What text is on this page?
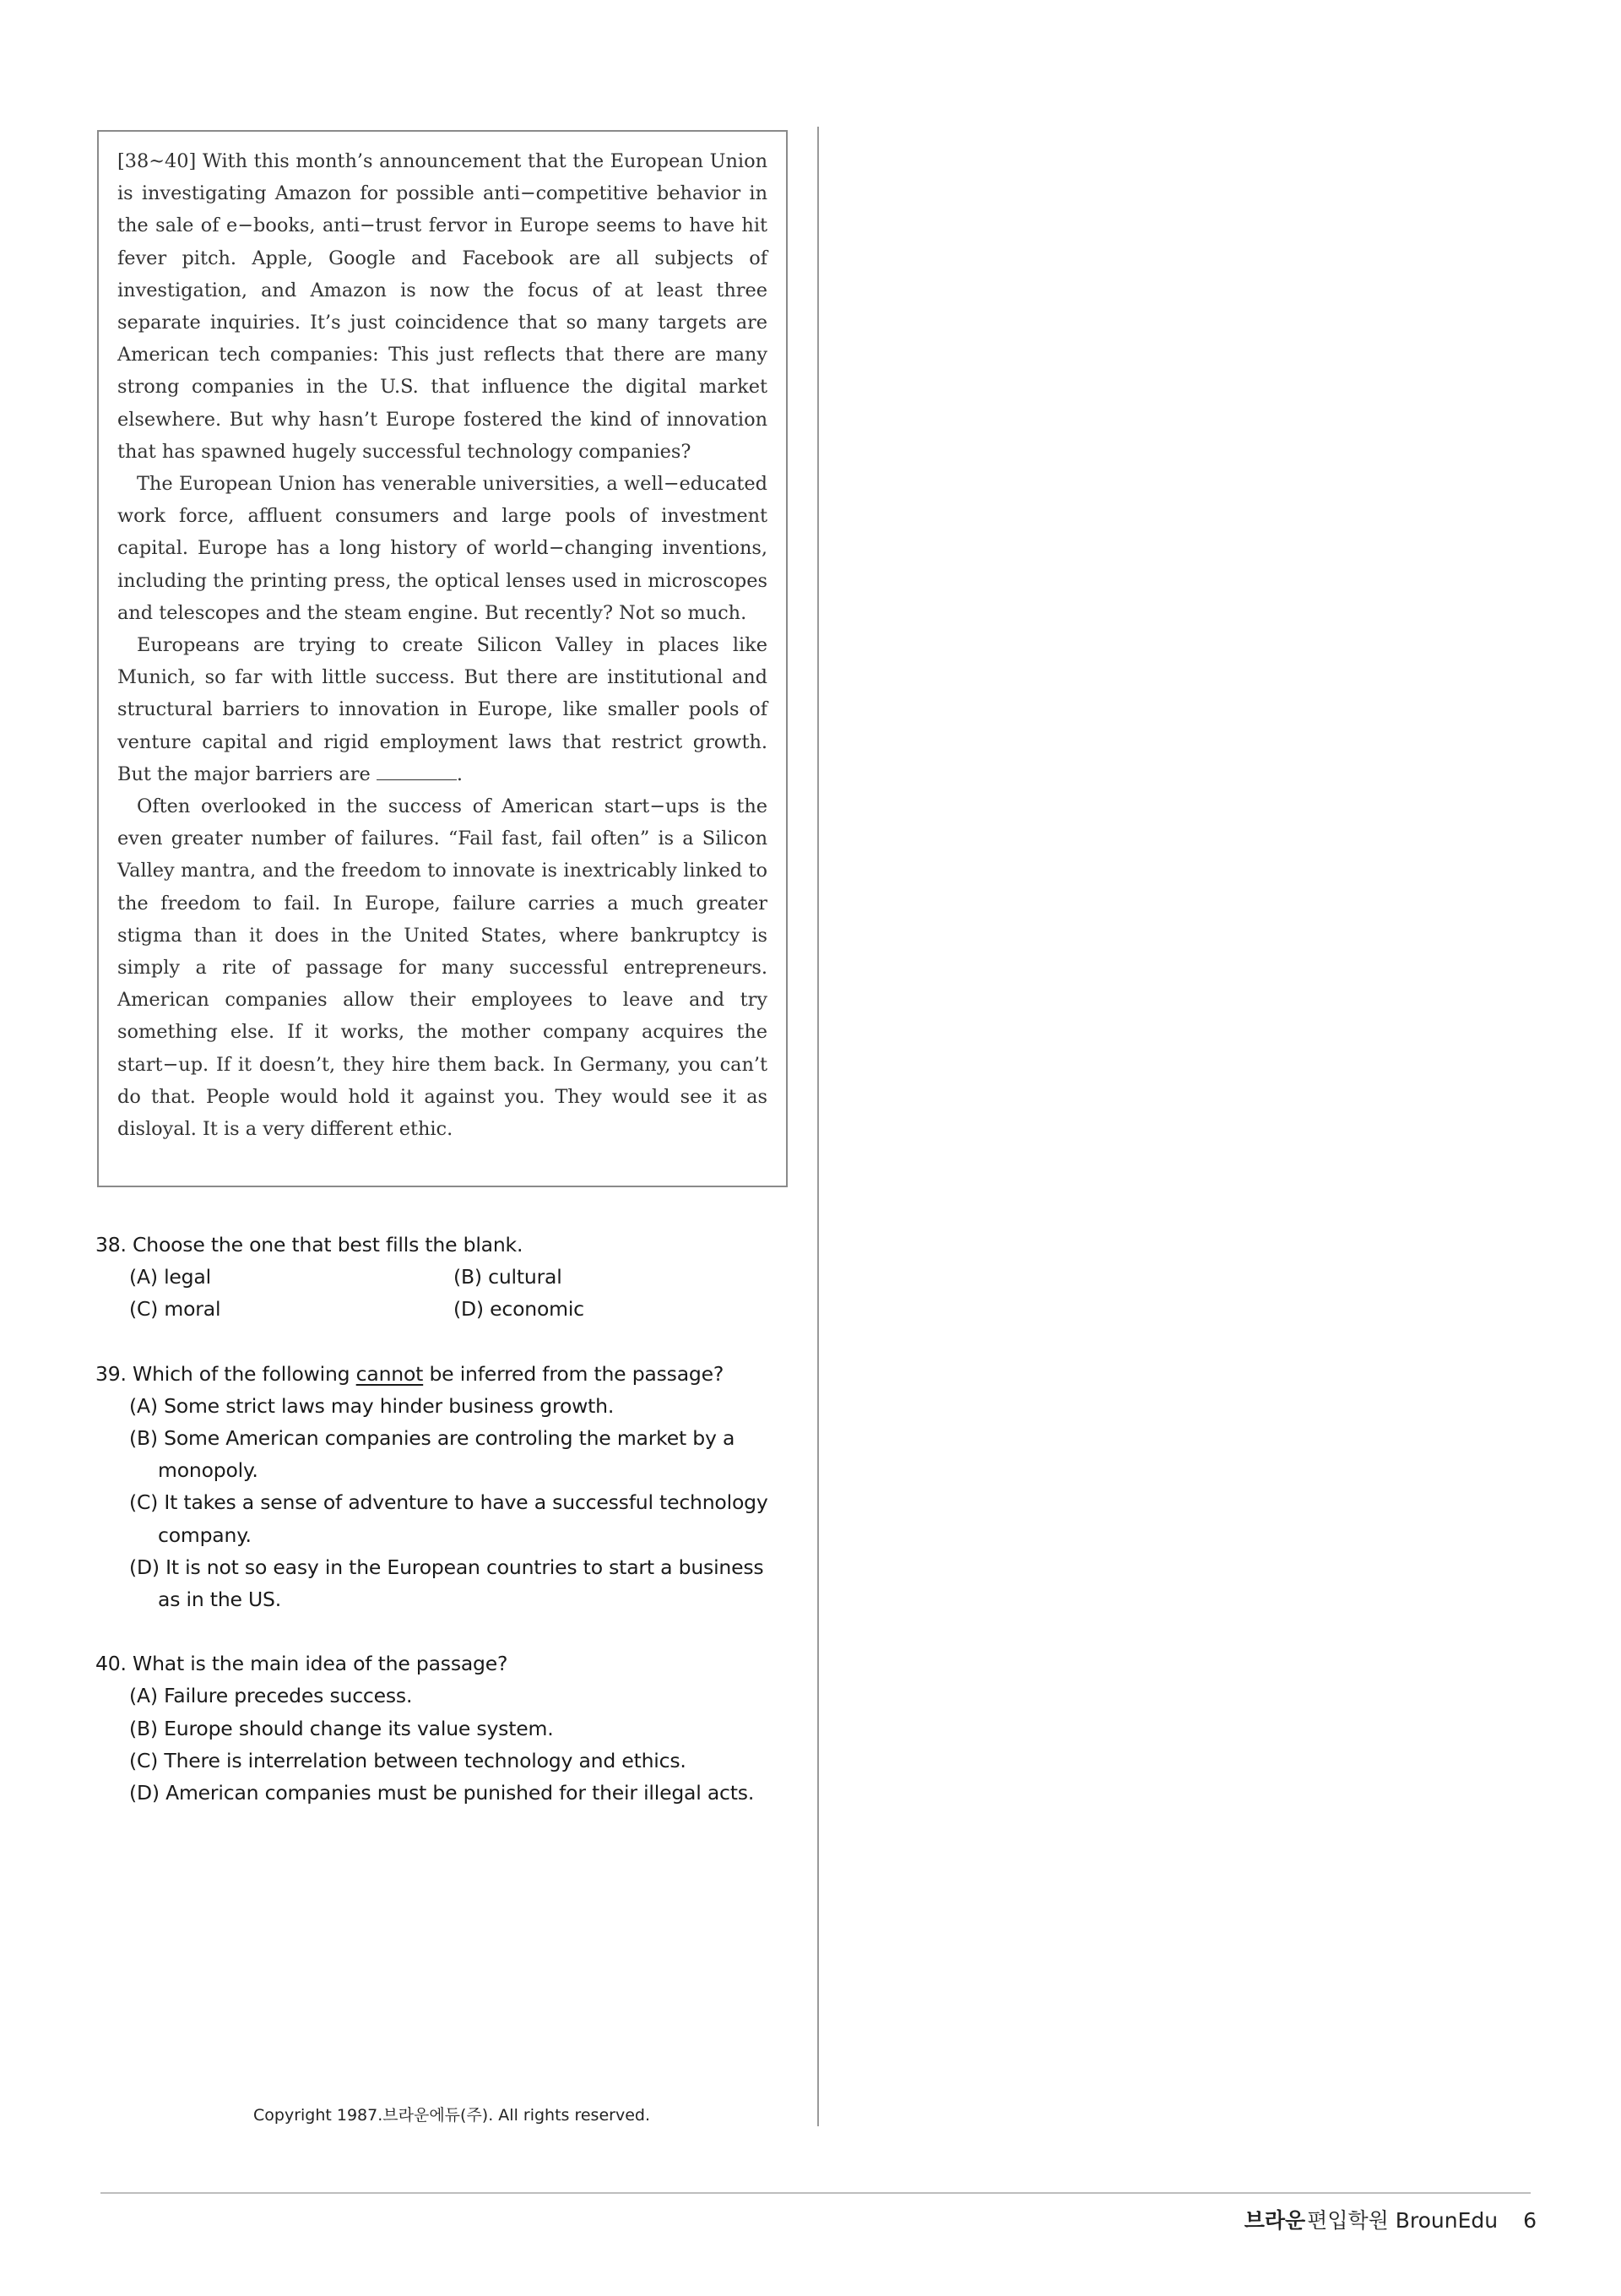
[38~40] With this month’s announcement that the European Union is investigating Amazon for possible anti−competitive behavior in the sale of e−books, anti−trust fervor in Europe seems to have hit fever pitch. Apple, Google and Facebook are all subjects of investigation, and Amazon is now the focus of at least three separate inquiries. It’s just coincidence that so many targets are American tech companies: This just reflects that there are many strong companies in the U.S. that influence the digital market elsewhere. But why hasn’t Europe fostered the kind of innovation that has spawned hugely successful technology companies?

The European Union has venerable universities, a well−educated work force, affluent consumers and large pools of investment capital. Europe has a long history of world−changing inventions, including the printing press, the optical lenses used in microscopes and telescopes and the steam engine. But recently? Not so much.

Europeans are trying to create Silicon Valley in places like Munich, so far with little success. But there are institutional and structural barriers to innovation in Europe, like smaller pools of venture capital and rigid employment laws that restrict growth. But the major barriers are	.

Often overlooked in the success of American start−ups is the even greater number of failures. “Fail fast, fail often” is a Silicon Valley mantra, and the freedom to innovate is inextricably linked to the freedom to fail. In Europe, failure carries a much greater stigma than it does in the United States, where bankruptcy is simply a rite of passage for many successful entrepreneurs. American companies allow their employees to leave and try something else. If it works, the mother company acquires the start−up. If it doesn’t, they hire them back. In Germany, you can’t do that. People would hold it against you. They would see it as disloyal. It is a very different ethic.

38. Choose the one that best fills the blank.

(A) legal	(B) cultural
(C) moral	(D) economic

39. Which of the following cannot be inferred from the passage?

(A) Some strict laws may hinder business growth.
(B) Some American companies are controling the market by a monopoly.
(C) It takes a sense of adventure to have a successful technology company.
(D) It is not so easy in the European countries to start a business as in the US.

40. What is the main idea of the passage?

(A) Failure precedes success.
(B) Europe should change its value system.
(C) There is interrelation between technology and ethics.
(D) American companies must be punished for their illegal acts.
Copyright 1987.브라운에듀(주). All rights reserved.
브라운 편입학원 BrounEdu 6
